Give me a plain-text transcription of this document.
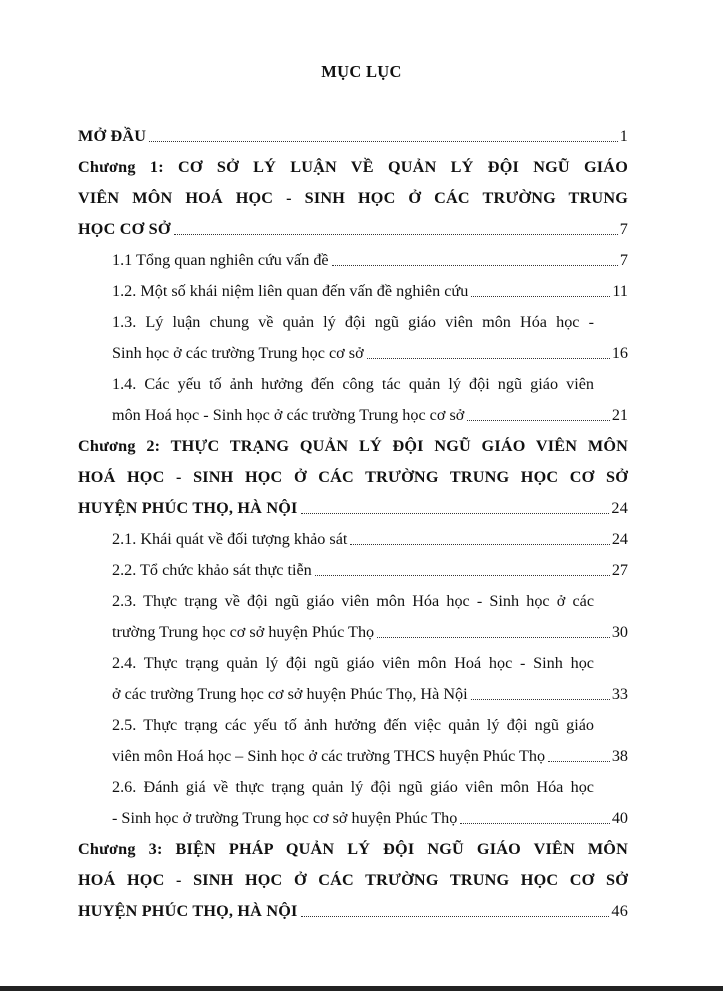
MỤC LỤC
MỞ ĐẦU	1
Chương 1: CƠ SỞ LÝ LUẬN VỀ QUẢN LÝ ĐỘI NGŨ GIÁO
VIÊN MÔN HOÁ HỌC - SINH HỌC Ở CÁC TRƯỜNG TRUNG
HỌC CƠ SỞ	7
1.1 Tổng quan nghiên cứu vấn đề	7
1.2. Một số khái niệm liên quan đến vấn đề nghiên cứu	11
1.3. Lý luận chung về quản lý đội ngũ giáo viên môn Hóa học -
Sinh học ở các trường Trung học cơ sở	16
1.4. Các yếu tố ảnh hưởng đến công tác quản lý đội ngũ giáo viên
môn Hoá học - Sinh học ở các trường Trung học cơ sở	21
Chương 2: THỰC TRẠNG QUẢN LÝ ĐỘI NGŨ GIÁO VIÊN MÔN
HOÁ HỌC - SINH HỌC Ở CÁC TRƯỜNG TRUNG HỌC CƠ SỞ
HUYỆN PHÚC THỌ, HÀ NỘI	24
2.1. Khái quát về đối tượng khảo sát	24
2.2. Tổ chức khảo sát thực tiễn	27
2.3. Thực trạng về đội ngũ giáo viên môn Hóa học - Sinh học ở các
trường Trung học cơ sở huyện Phúc Thọ	30
2.4. Thực trạng quản lý đội ngũ giáo viên môn Hoá học - Sinh học
ở các trường Trung học cơ sở huyện Phúc Thọ, Hà Nội	33
2.5. Thực trạng các yếu tố ảnh hưởng đến việc quản lý đội ngũ giáo
viên môn Hoá học – Sinh học ở các trường THCS huyện Phúc Thọ	38
2.6. Đánh giá về thực trạng quản lý đội ngũ giáo viên môn Hóa học
- Sinh học ở trường Trung học cơ sở huyện Phúc Thọ	40
Chương 3: BIỆN PHÁP QUẢN LÝ ĐỘI NGŨ GIÁO VIÊN MÔN
HOÁ HỌC - SINH HỌC Ở CÁC TRƯỜNG TRUNG HỌC CƠ SỞ
HUYỆN PHÚC THỌ, HÀ NỘI	46
